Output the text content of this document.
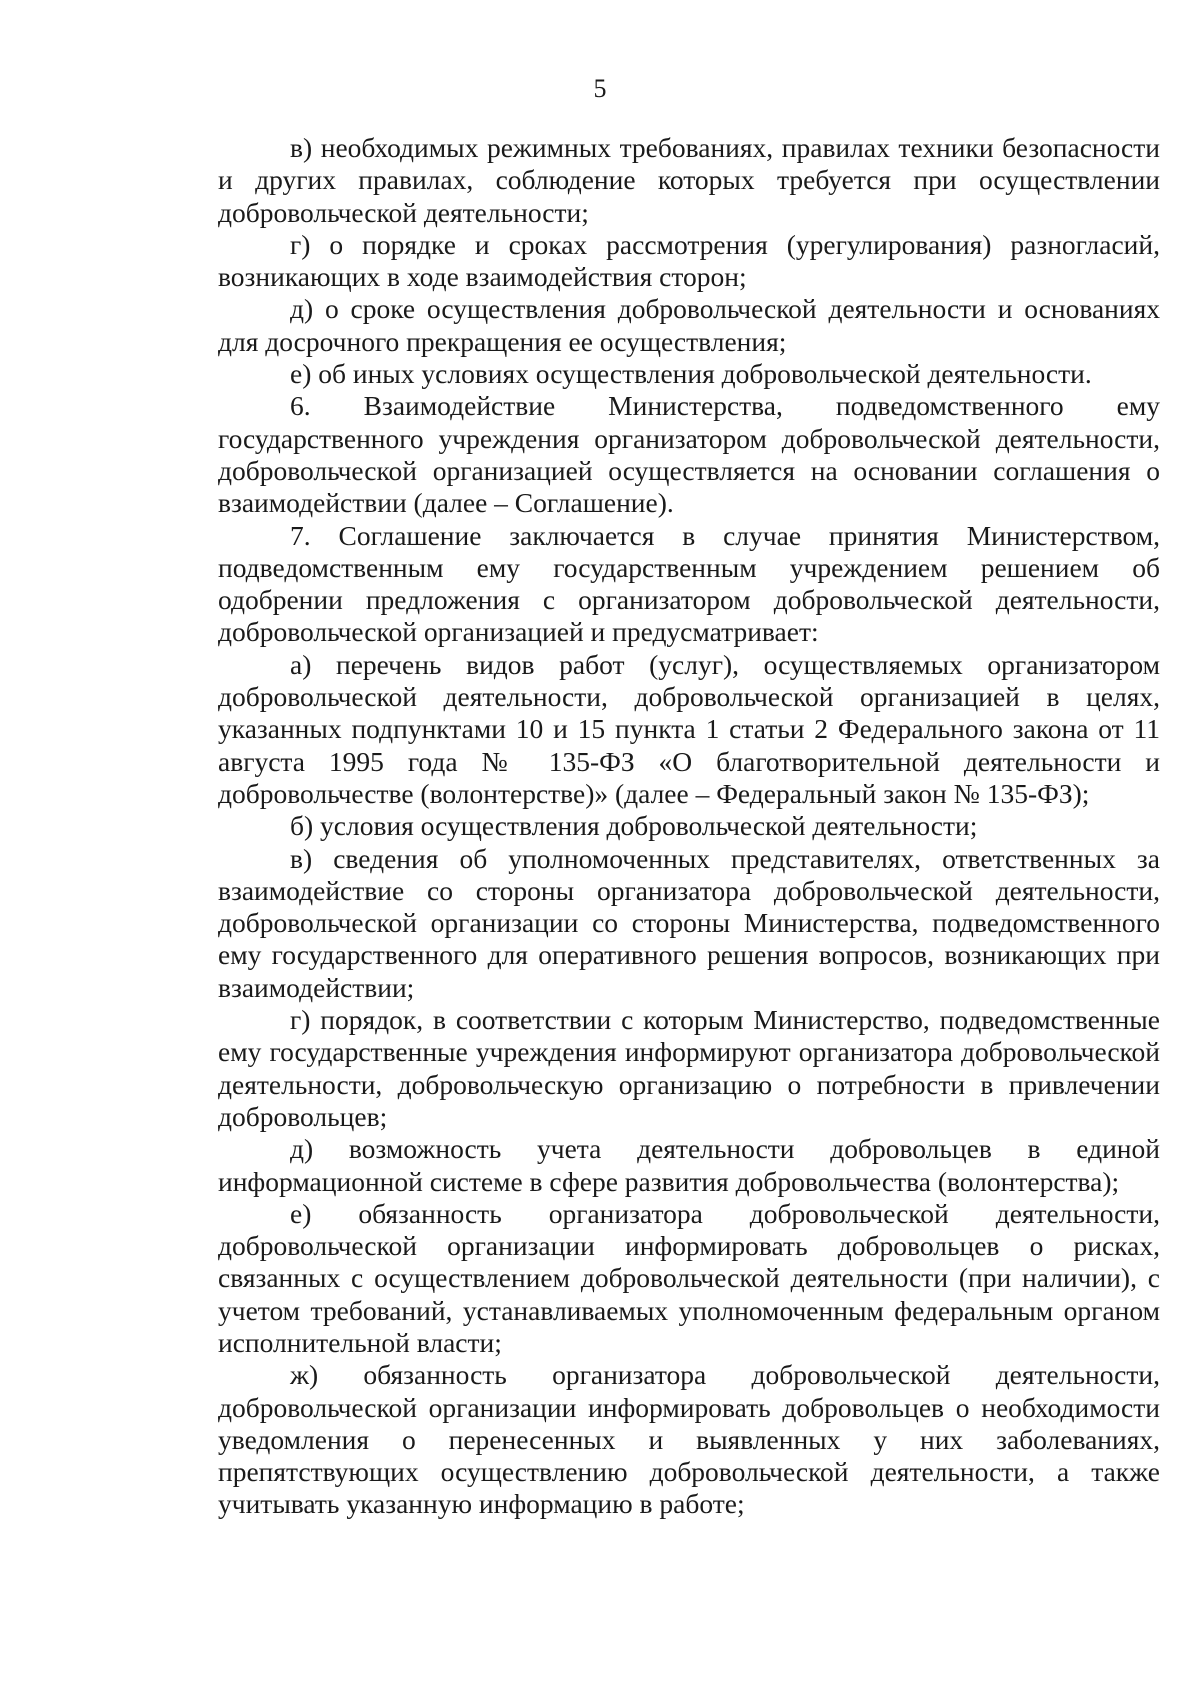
5

в) необходимых режимных требованиях, правилах техники безопасности и других правилах, соблюдение которых требуется при осуществлении добровольческой деятельности;

г) о порядке и сроках рассмотрения (урегулирования) разногласий, возникающих в ходе взаимодействия сторон;

д) о сроке осуществления добровольческой деятельности и основаниях для досрочного прекращения ее осуществления;

е) об иных условиях осуществления добровольческой деятельности.

6. Взаимодействие Министерства, подведомственного ему государственного учреждения организатором добровольческой деятельности, добровольческой организацией осуществляется на основании соглашения о взаимодействии (далее – Соглашение).

7. Соглашение заключается в случае принятия Министерством, подведомственным ему государственным учреждением решением об одобрении предложения с организатором добровольческой деятельности, добровольческой организацией и предусматривает:

а) перечень видов работ (услуг), осуществляемых организатором добровольческой деятельности, добровольческой организацией в целях, указанных подпунктами 10 и 15 пункта 1 статьи 2 Федерального закона от 11 августа 1995 года № 135-ФЗ «О благотворительной деятельности и добровольчестве (волонтерстве)» (далее – Федеральный закон № 135-ФЗ);

б) условия осуществления добровольческой деятельности;

в) сведения об уполномоченных представителях, ответственных за взаимодействие со стороны организатора добровольческой деятельности, добровольческой организации со стороны Министерства, подведомственного ему государственного для оперативного решения вопросов, возникающих при взаимодействии;

г) порядок, в соответствии с которым Министерство, подведомственные ему государственные учреждения информируют организатора добровольческой деятельности, добровольческую организацию о потребности в привлечении добровольцев;

д) возможность учета деятельности добровольцев в единой информационной системе в сфере развития добровольчества (волонтерства);

е) обязанность организатора добровольческой деятельности, добровольческой организации информировать добровольцев о рисках, связанных с осуществлением добровольческой деятельности (при наличии), с учетом требований, устанавливаемых уполномоченным федеральным органом исполнительной власти;

ж) обязанность организатора добровольческой деятельности, добровольческой организации информировать добровольцев о необходимости уведомления о перенесенных и выявленных у них заболеваниях, препятствующих осуществлению добровольческой деятельности, а также учитывать указанную информацию в работе;
